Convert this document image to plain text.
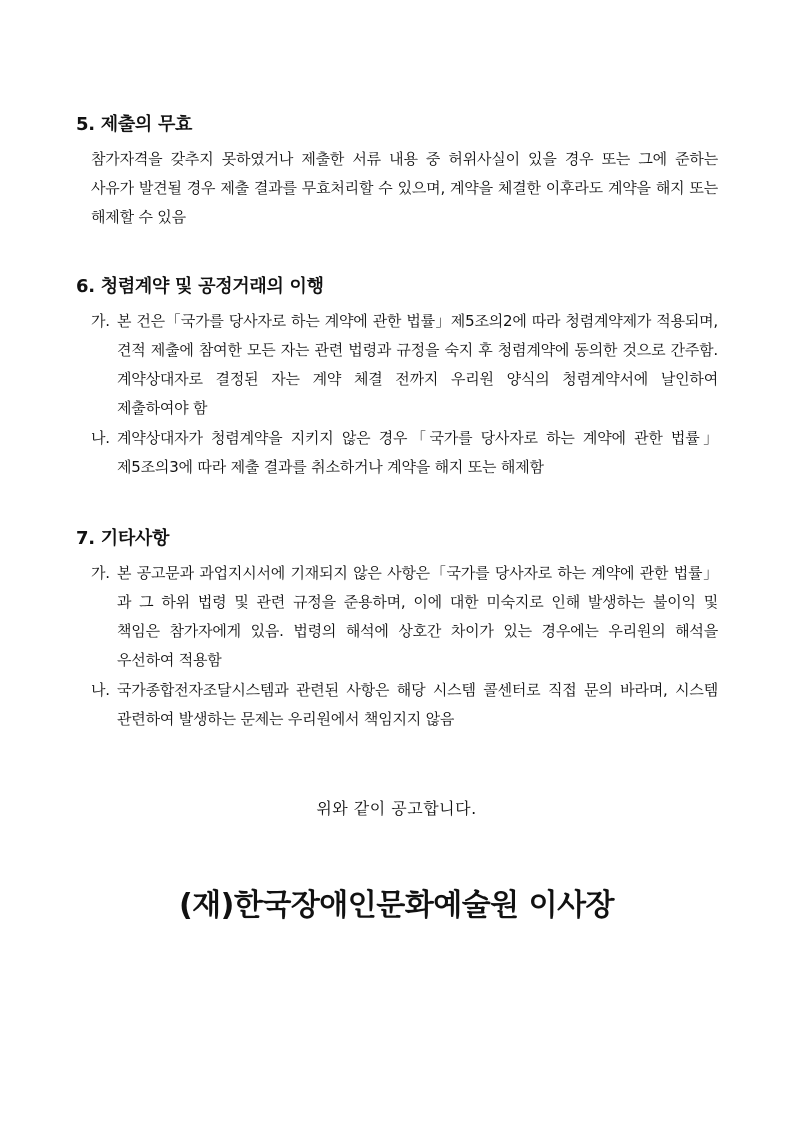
5. 제출의 무효
참가자격을 갖추지 못하였거나 제출한 서류 내용 중 허위사실이 있을 경우 또는 그에 준하는 사유가 발견될 경우 제출 결과를 무효처리할 수 있으며, 계약을 체결한 이후라도 계약을 해지 또는 해제할 수 있음
6. 청렴계약 및 공정거래의 이행
가. 본 건은「국가를 당사자로 하는 계약에 관한 법률」제5조의2에 따라 청렴계약제가 적용되며, 견적 제출에 참여한 모든 자는 관련 법령과 규정을 숙지 후 청렴계약에 동의한 것으로 간주함. 계약상대자로 결정된 자는 계약 체결 전까지 우리원 양식의 청렴계약서에 날인하여 제출하여야 함
나. 계약상대자가 청렴계약을 지키지 않은 경우「국가를 당사자로 하는 계약에 관한 법률」제5조의3에 따라 제출 결과를 취소하거나 계약을 해지 또는 해제함
7. 기타사항
가. 본 공고문과 과업지시서에 기재되지 않은 사항은「국가를 당사자로 하는 계약에 관한 법률」과 그 하위 법령 및 관련 규정을 준용하며, 이에 대한 미숙지로 인해 발생하는 불이익 및 책임은 참가자에게 있음. 법령의 해석에 상호간 차이가 있는 경우에는 우리원의 해석을 우선하여 적용함
나. 국가종합전자조달시스템과 관련된 사항은 해당 시스템 콜센터로 직접 문의 바라며, 시스템 관련하여 발생하는 문제는 우리원에서 책임지지 않음
위와 같이 공고합니다.
(재)한국장애인문화예술원 이사장
